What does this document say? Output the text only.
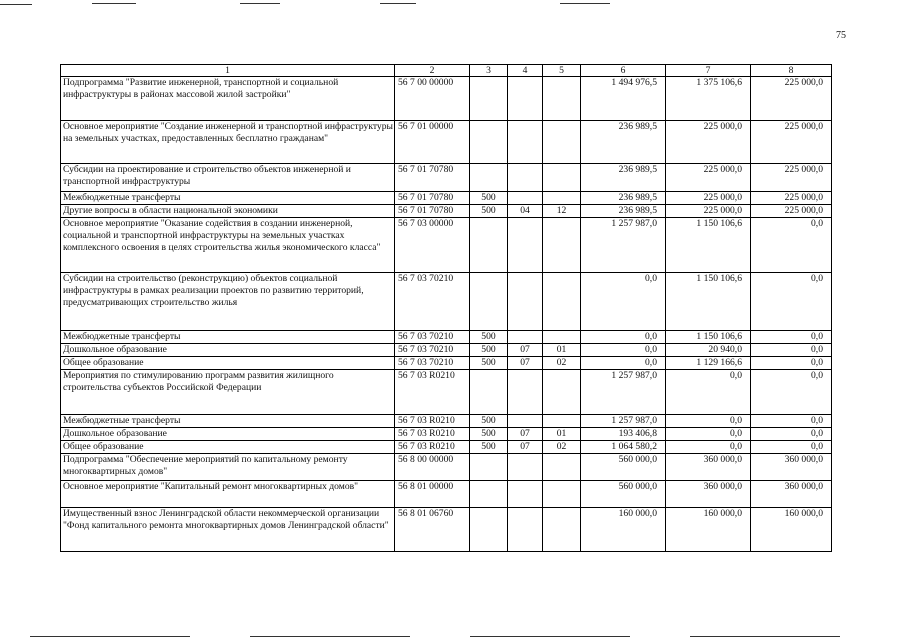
75
1	2	3	4	5	6	7	8
Подпрограмма "Развитие инженерной, транспортной и социальной инфраструктуры в районах массовой жилой застройки"	56 7 00 00000				1 494 976,5	1 375 106,6	225 000,0
Основное мероприятие "Создание инженерной и транспортной инфраструктуры на земельных участках, предоставленных бесплатно гражданам"	56 7 01 00000				236 989,5	225 000,0	225 000,0
Субсидии на проектирование и строительство объектов инженерной и транспортной инфраструктуры	56 7 01 70780				236 989,5	225 000,0	225 000,0
Межбюджетные трансферты	56 7 01 70780	500			236 989,5	225 000,0	225 000,0
Другие вопросы в области национальной экономики	56 7 01 70780	500	04	12	236 989,5	225 000,0	225 000,0
Основное мероприятие "Оказание содействия в создании инженерной, социальной и транспортной инфраструктуры на земельных участках комплексного освоения в целях строительства жилья экономического класса"	56 7 03 00000				1 257 987,0	1 150 106,6	0,0
Субсидии на строительство (реконструкцию) объектов социальной инфраструктуры в рамках реализации проектов по развитию территорий, предусматривающих строительство жилья	56 7 03 70210				0,0	1 150 106,6	0,0
Межбюджетные трансферты	56 7 03 70210	500			0,0	1 150 106,6	0,0
Дошкольное образование	56 7 03 70210	500	07	01	0,0	20 940,0	0,0
Общее образование	56 7 03 70210	500	07	02	0,0	1 129 166,6	0,0
Мероприятия по стимулированию программ развития жилищного строительства субъектов Российской Федерации	56 7 03 R0210				1 257 987,0	0,0	0,0
Межбюджетные трансферты	56 7 03 R0210	500			1 257 987,0	0,0	0,0
Дошкольное образование	56 7 03 R0210	500	07	01	193 406,8	0,0	0,0
Общее образование	56 7 03 R0210	500	07	02	1 064 580,2	0,0	0,0
Подпрограмма "Обеспечение мероприятий по капитальному ремонту многоквартирных домов"	56 8 00 00000				560 000,0	360 000,0	360 000,0
Основное мероприятие "Капитальный ремонт многоквартирных домов"	56 8 01 00000				560 000,0	360 000,0	360 000,0
Имущественный взнос Ленинградской области некоммерческой организации "Фонд капитального ремонта многоквартирных домов Ленинградской области"	56 8 01 06760				160 000,0	160 000,0	160 000,0
